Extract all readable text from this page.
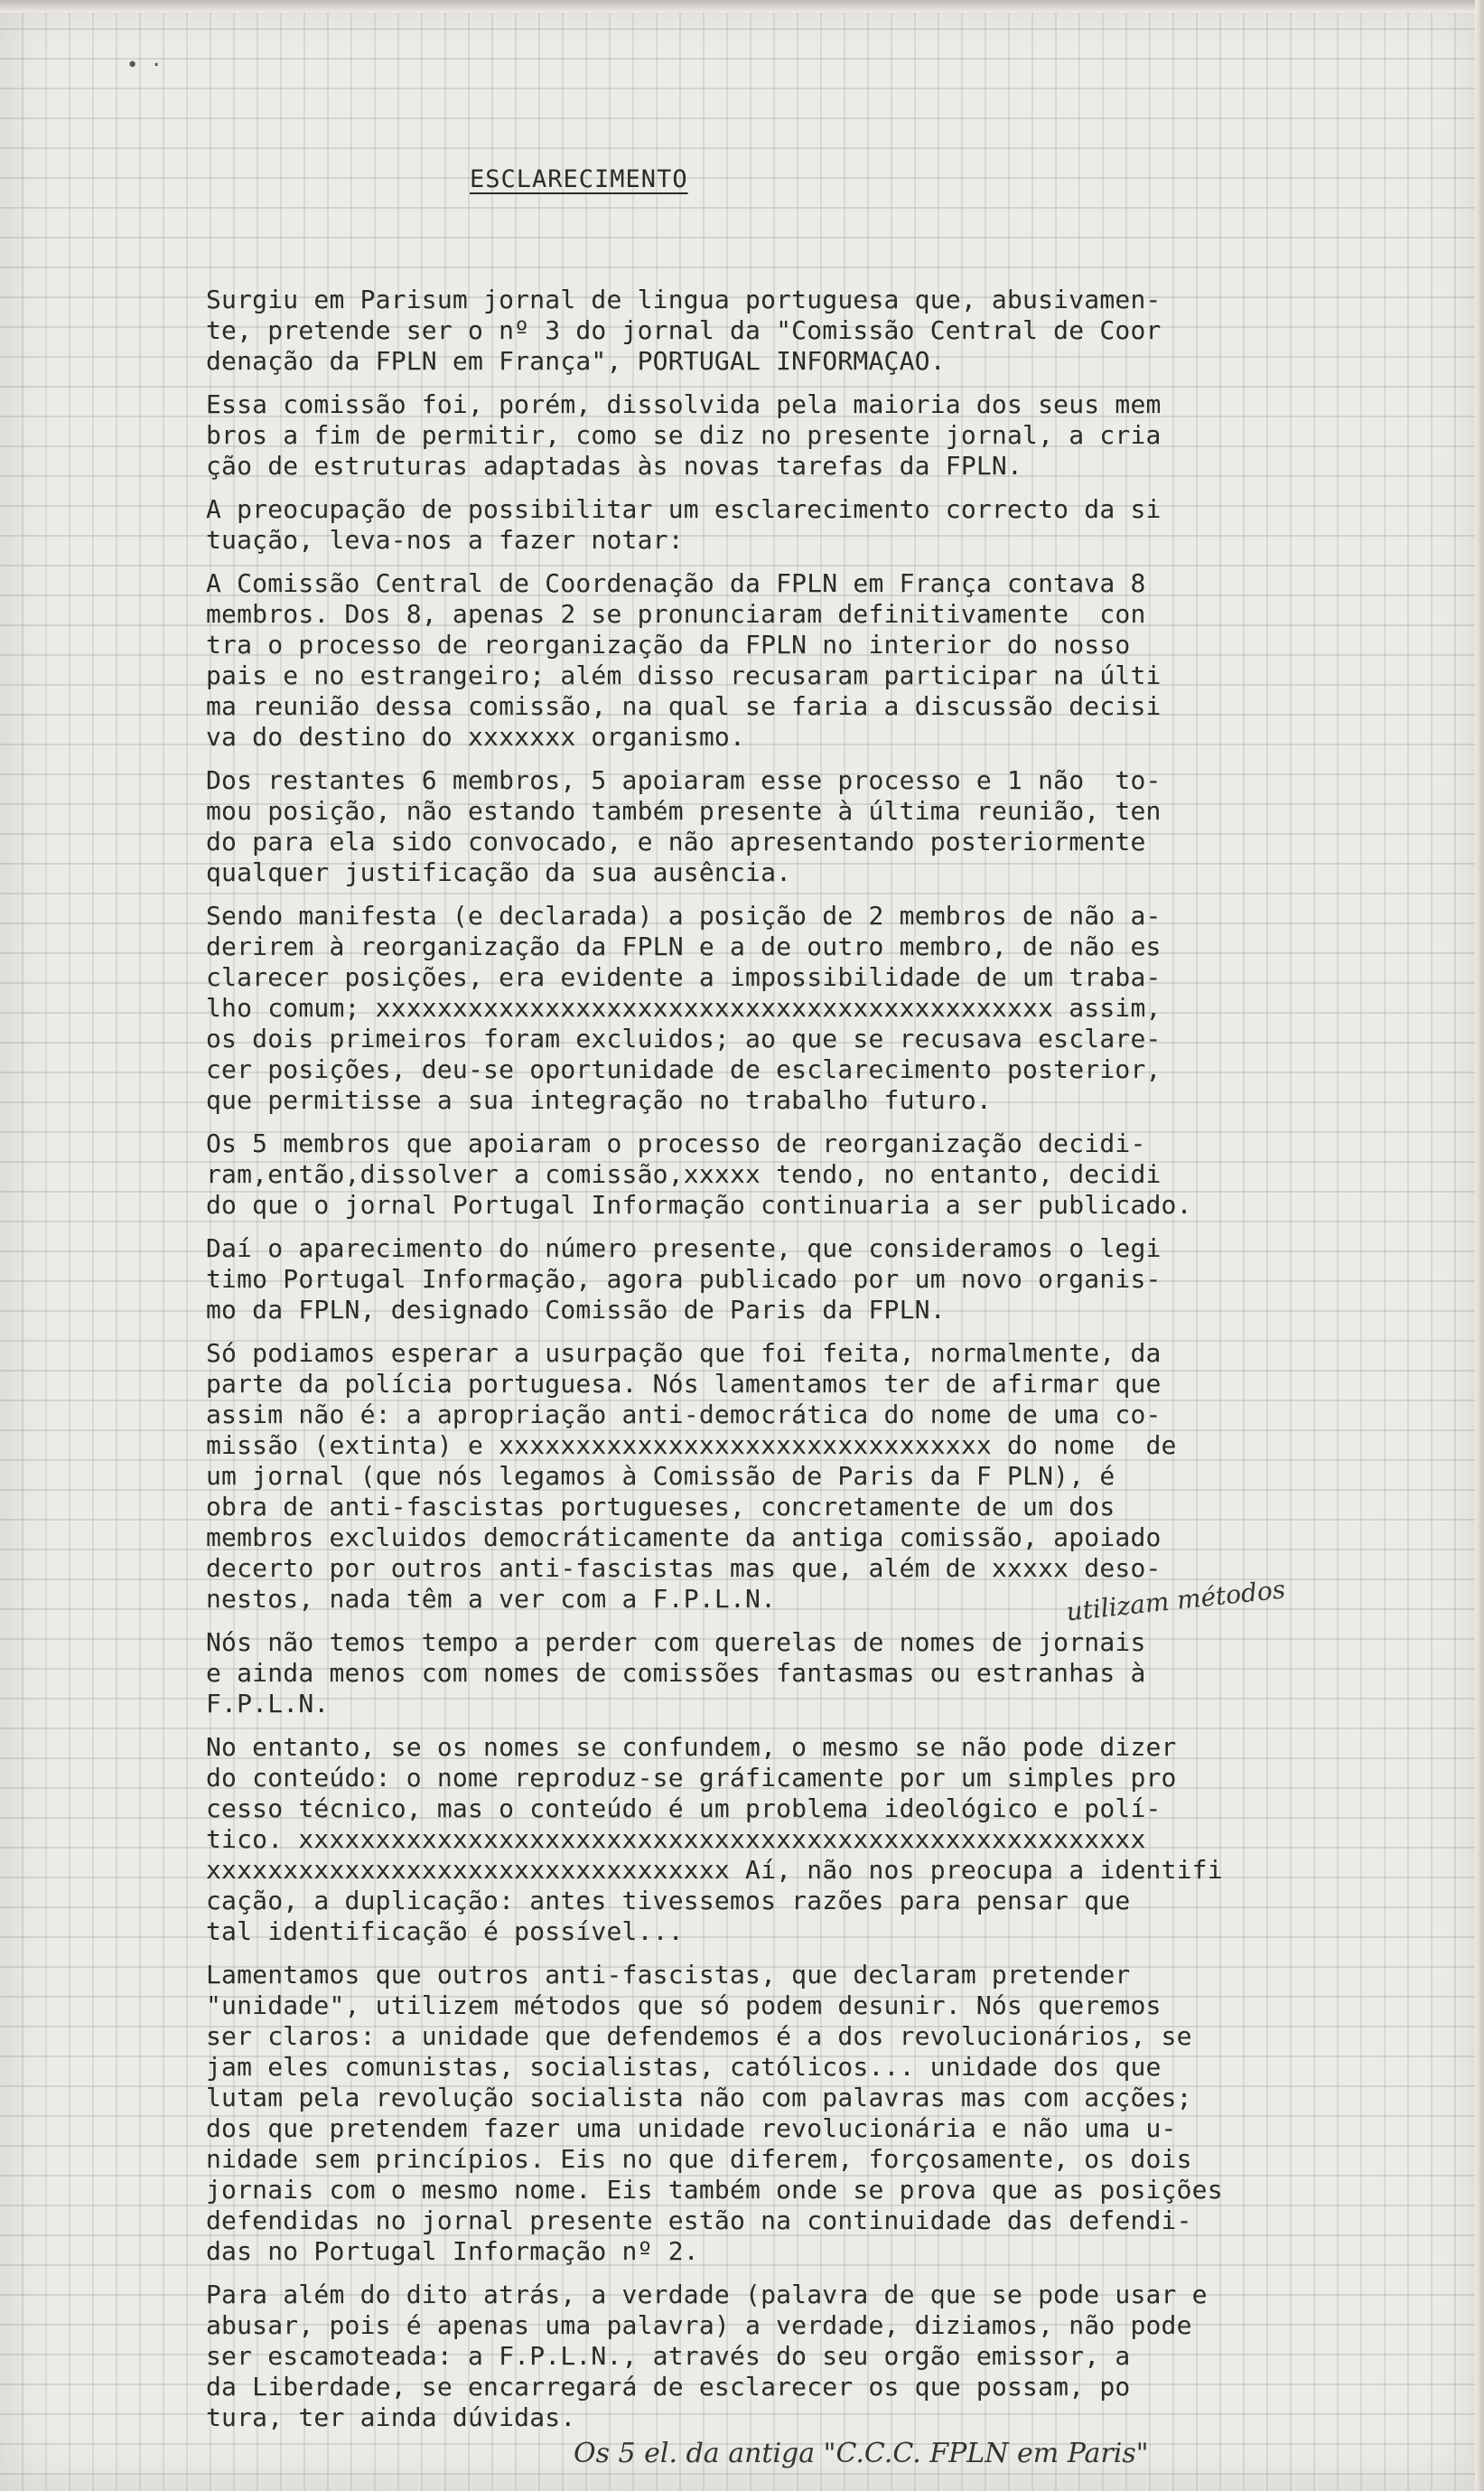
• ·
ESCLARECIMENTO
Surgiu em Parisum jornal de lingua portuguesa que, abusivamen-
te, pretende ser o nº 3 do jornal da "Comissão Central de Coor
denação da FPLN em França", PORTUGAL INFORMAÇAO.
Essa comissão foi, porém, dissolvida pela maioria dos seus mem
bros a fim de permitir, como se diz no presente jornal, a cria
ção de estruturas adaptadas às novas tarefas da FPLN.
A preocupação de possibilitar um esclarecimento correcto da si
tuação, leva-nos a fazer notar:
A Comissão Central de Coordenação da FPLN em França contava 8
membros. Dos 8, apenas 2 se pronunciaram definitivamente  con
tra o processo de reorganização da FPLN no interior do nosso
pais e no estrangeiro; além disso recusaram participar na últi
ma reunião dessa comissão, na qual se faria a discussão decisi
va do destino do xxxxxxx organismo.
Dos restantes 6 membros, 5 apoiaram esse processo e 1 não  to-
mou posição, não estando também presente à última reunião, ten
do para ela sido convocado, e não apresentando posteriormente
qualquer justificação da sua ausência.
Sendo manifesta (e declarada) a posição de 2 membros de não a-
derirem à reorganização da FPLN e a de outro membro, de não es
clarecer posições, era evidente a impossibilidade de um traba-
lho comum; xxxxxxxxxxxxxxxxxxxxxxxxxxxxxxxxxxxxxxxxxxxx assim,
os dois primeiros foram excluidos; ao que se recusava esclare-
cer posições, deu-se oportunidade de esclarecimento posterior,
que permitisse a sua integração no trabalho futuro.
Os 5 membros que apoiaram o processo de reorganização decidi-
ram,então,dissolver a comissão,xxxxx tendo, no entanto, decidi
do que o jornal Portugal Informação continuaria a ser publicado.
Daí o aparecimento do número presente, que consideramos o legi
timo Portugal Informação, agora publicado por um novo organis-
mo da FPLN, designado Comissão de Paris da FPLN.
Só podiamos esperar a usurpação que foi feita, normalmente, da
parte da polícia portuguesa. Nós lamentamos ter de afirmar que
assim não é: a apropriação anti-democrática do nome de uma co-
missão (extinta) e xxxxxxxxxxxxxxxxxxxxxxxxxxxxxxxx do nome  de
um jornal (que nós legamos à Comissão de Paris da F PLN), é
obra de anti-fascistas portugueses, concretamente de um dos
membros excluidos democráticamente da antiga comissão, apoiado
decerto por outros anti-fascistas mas que, além de xxxxx deso-
nestos, nada têm a ver com a F.P.L.N.
Nós não temos tempo a perder com querelas de nomes de jornais
e ainda menos com nomes de comissões fantasmas ou estranhas à
F.P.L.N.
No entanto, se os nomes se confundem, o mesmo se não pode dizer
do conteúdo: o nome reproduz-se gráficamente por um simples pro
cesso técnico, mas o conteúdo é um problema ideológico e polí-
tico. xxxxxxxxxxxxxxxxxxxxxxxxxxxxxxxxxxxxxxxxxxxxxxxxxxxxxxx
xxxxxxxxxxxxxxxxxxxxxxxxxxxxxxxxxx Aí, não nos preocupa a identifi
cação, a duplicação: antes tivessemos razões para pensar que
tal identificação é possível...
Lamentamos que outros anti-fascistas, que declaram pretender
"unidade", utilizem métodos que só podem desunir. Nós queremos
ser claros: a unidade que defendemos é a dos revolucionários, se
jam eles comunistas, socialistas, católicos... unidade dos que
lutam pela revolução socialista não com palavras mas com acções;
dos que pretendem fazer uma unidade revolucionária e não uma u-
nidade sem princípios. Eis no que diferem, forçosamente, os dois
jornais com o mesmo nome. Eis também onde se prova que as posições
defendidas no jornal presente estão na continuidade das defendi-
das no Portugal Informação nº 2.
Para além do dito atrás, a verdade (palavra de que se pode usar e
abusar, pois é apenas uma palavra) a verdade, diziamos, não pode
ser escamoteada: a F.P.L.N., através do seu orgão emissor, a
da Liberdade, se encarregará de esclarecer os que possam, po
tura, ter ainda dúvidas.
utilizam métodos
Os 5 el. da antiga "C.C.C. FPLN em Paris"
